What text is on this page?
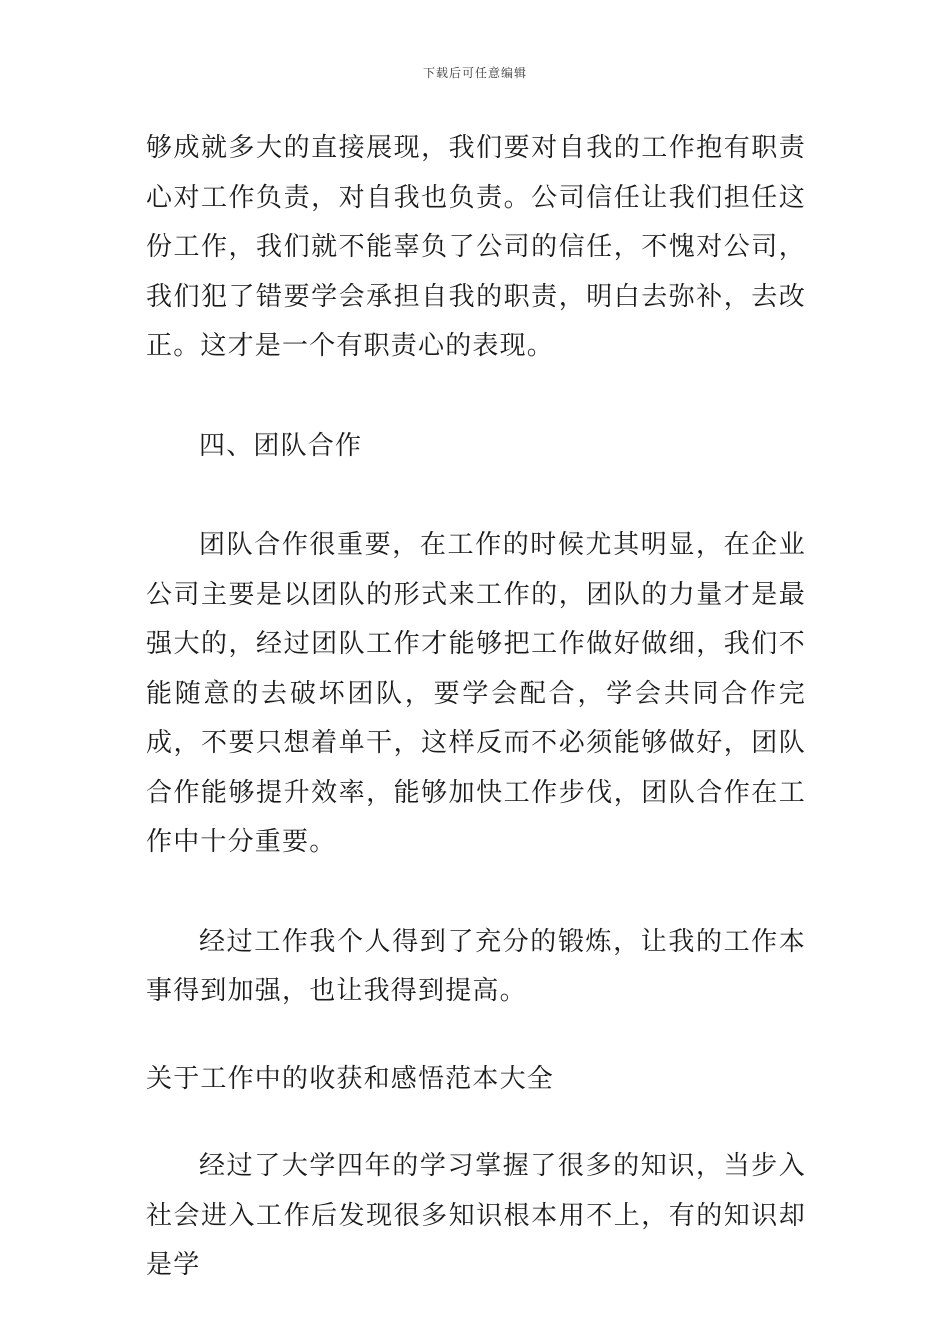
下载后可任意编辑

够成就多大的直接展现，我们要对自我的工作抱有职责心对工作负责，对自我也负责。公司信任让我们担任这份工作，我们就不能辜负了公司的信任，不愧对公司，我们犯了错要学会承担自我的职责，明白去弥补，去改正。这才是一个有职责心的表现。

四、团队合作

团队合作很重要，在工作的时候尤其明显，在企业公司主要是以团队的形式来工作的，团队的力量才是最强大的，经过团队工作才能够把工作做好做细，我们不能随意的去破坏团队，要学会配合，学会共同合作完成，不要只想着单干，这样反而不必须能够做好，团队合作能够提升效率，能够加快工作步伐，团队合作在工作中十分重要。

经过工作我个人得到了充分的锻炼，让我的工作本事得到加强，也让我得到提高。

关于工作中的收获和感悟范本大全

经过了大学四年的学习掌握了很多的知识，当步入社会进入工作后发现很多知识根本用不上，有的知识却是学
